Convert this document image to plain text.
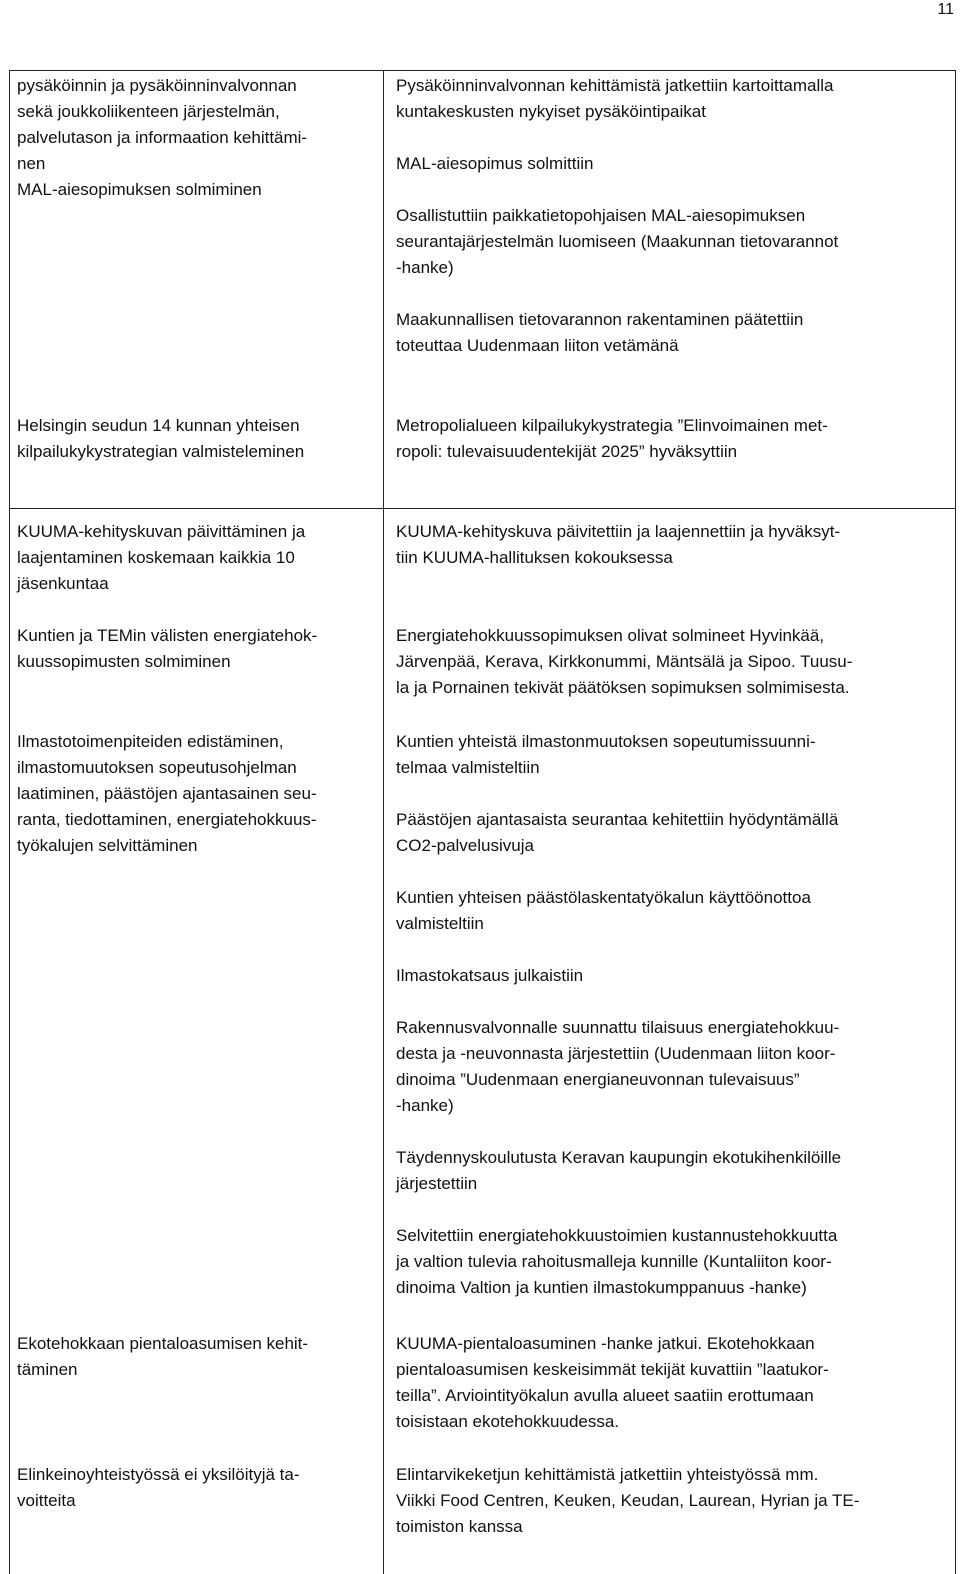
11

pysäköinnin ja pysäköinninvalvonnan
sekä joukkoliikenteen järjestelmän,
palvelutason ja informaation kehittämi-
nen
MAL-aiesopimuksen solmiminen

Pysäköinninvalvonnan kehittämistä jatkettiin kartoittamalla
kuntakeskusten nykyiset pysäköintipaikat

MAL-aiesopimus solmittiin

Osallistuttiin paikkatietopohjaisen MAL-aiesopimuksen
seurantajärjestelmän luomiseen (Maakunnan tietovarannot
-hanke)

Maakunnallisen tietovarannon rakentaminen päätettiin
toteuttaa Uudenmaan liiton vetämänä

Helsingin seudun 14 kunnan yhteisen
kilpailukykystrategian valmisteleminen

Metropolialueen kilpailukykystrategia ”Elinvoimainen met-
ropoli: tulevaisuudentekijät 2025” hyväksyttiin

KUUMA-kehityskuvan päivittäminen ja
laajentaminen koskemaan kaikkia 10
jäsenkuntaa

KUUMA-kehityskuva päivitettiin ja laajennettiin ja hyväksyt-
tiin KUUMA-hallituksen kokouksessa

Kuntien ja TEMin välisten energiatehok-
kuussopimusten solmiminen

Energiatehokkuussopimuksen olivat solmineet Hyvinkää,
Järvenpää, Kerava, Kirkkonummi, Mäntsälä ja Sipoo. Tuusu-
la ja Pornainen tekivät päätöksen sopimuksen solmimisesta.

Ilmastotoimenpiteiden edistäminen,
ilmastomuutoksen sopeutusohjelman
laatiminen, päästöjen ajantasainen seu-
ranta, tiedottaminen, energiatehokkuus-
työkalujen selvittäminen

Kuntien yhteistä ilmastonmuutoksen sopeutumissuunni-
telmaa valmisteltiin

Päästöjen ajantasaista seurantaa kehitettiin hyödyntämällä
CO2-palvelusivuja

Kuntien yhteisen päästölaskentatyökalun käyttöönottoa
valmisteltiin

Ilmastokatsaus julkaistiin

Rakennusvalvonnalle suunnattu tilaisuus energiatehokkuu-
desta ja -neuvonnasta järjestettiin (Uudenmaan liiton koor-
dinoima ”Uudenmaan energianeuvonnan tulevaisuus”
-hanke)

Täydennyskoulutusta Keravan kaupungin ekotukihenkilöille
järjestettiin

Selvitettiin energiatehokkuustoimien kustannustehokkuutta
ja valtion tulevia rahoitusmalleja kunnille (Kuntaliiton koor-
dinoima Valtion ja kuntien ilmastokumppanuus -hanke)

Ekotehokkaan pientaloasumisen kehit-
täminen

KUUMA-pientaloasuminen -hanke jatkui. Ekotehokkaan
pientaloasumisen keskeisimmät tekijät kuvattiin ”laatukor-
teilla”. Arviointityökalun avulla alueet saatiin erottumaan
toisistaan ekotehokkuudessa.

Elinkeinoyhteistyössä ei yksilöityjä ta-
voitteita

Elintarvikeketjun kehittämistä jatkettiin yhteistyössä mm.
Viikki Food Centren, Keuken, Keudan, Laurean, Hyrian ja TE-
toimiston kanssa
